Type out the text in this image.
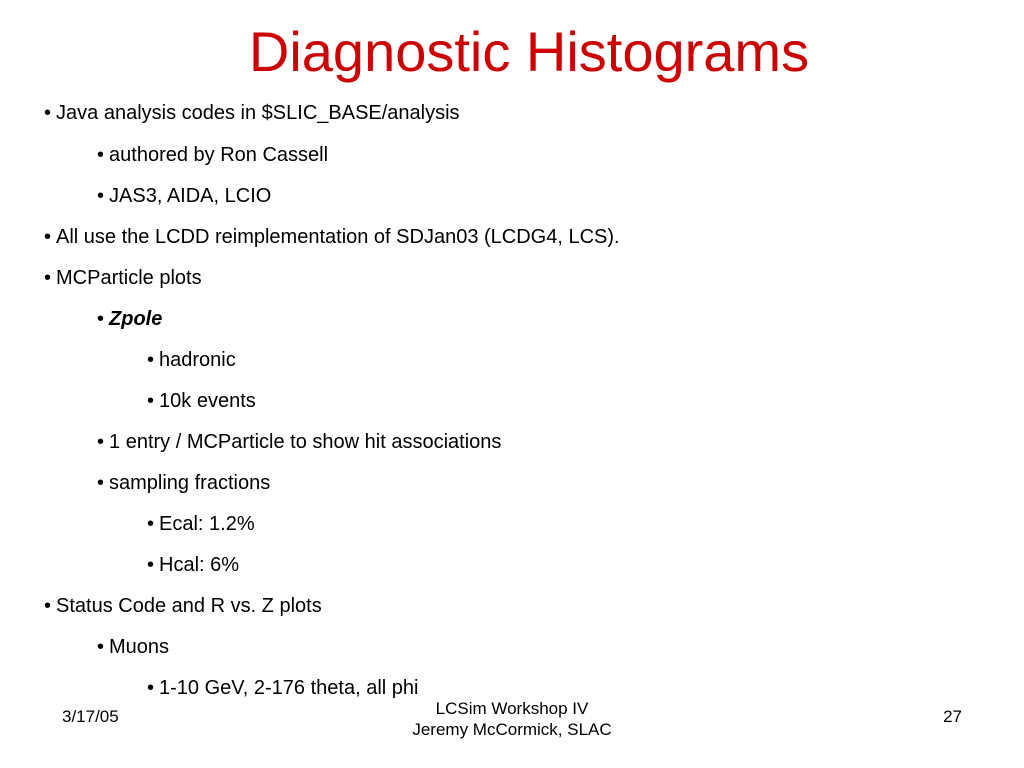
Diagnostic Histograms
• Java analysis codes in $SLIC_BASE/analysis
• authored by Ron Cassell
• JAS3, AIDA, LCIO
• All use the LCDD reimplementation of SDJan03 (LCDG4, LCS).
• MCParticle plots
• Zpole
• hadronic
• 10k events
• 1 entry / MCParticle to show hit associations
• sampling fractions
• Ecal: 1.2%
• Hcal: 6%
• Status Code and R vs. Z plots
• Muons
• 1-10 GeV, 2-176 theta, all phi
3/17/05	LCSim Workshop IV
Jeremy McCormick, SLAC
27
